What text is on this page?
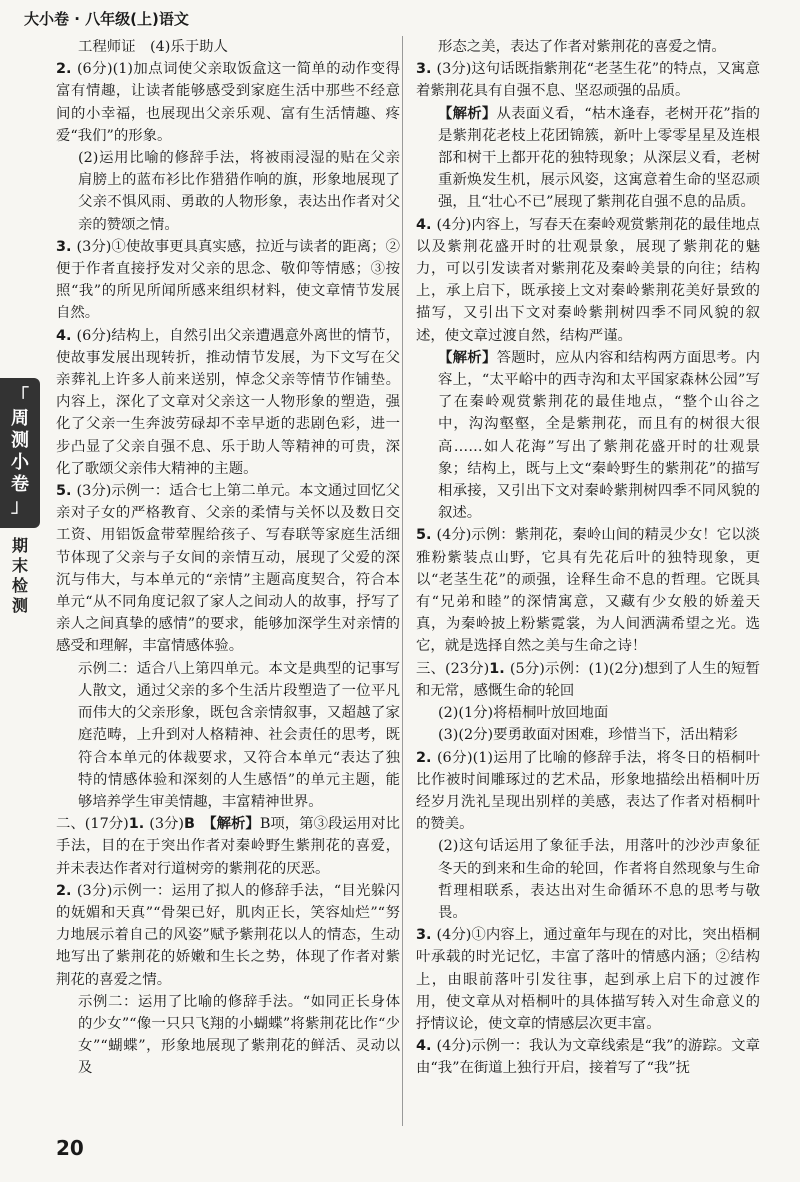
大小卷 · 八年级(上)语文
「
周
测
小
卷
」
期
末
检
测

工程师证　(4)乐于助人

2. (6分)(1)加点词使父亲取饭盒这一简单的动作变得富有情趣，让读者能够感受到家庭生活中那些不经意间的小幸福，也展现出父亲乐观、富有生活情趣、疼爱“我们”的形象。

(2)运用比喻的修辞手法，将被雨浸湿的贴在父亲肩膀上的蓝布衫比作猎猎作响的旗，形象地展现了父亲不惧风雨、勇敢的人物形象，表达出作者对父亲的赞颂之情。

3. (3分)①使故事更具真实感，拉近与读者的距离；②便于作者直接抒发对父亲的思念、敬仰等情感；③按照“我”的所见所闻所感来组织材料，使文章情节发展自然。

4. (6分)结构上，自然引出父亲遭遇意外离世的情节，使故事发展出现转折，推动情节发展，为下文写在父亲葬礼上许多人前来送别，悼念父亲等情节作铺垫。内容上，深化了文章对父亲这一人物形象的塑造，强化了父亲一生奔波劳碌却不幸早逝的悲剧色彩，进一步凸显了父亲自强不息、乐于助人等精神的可贵，深化了歌颂父亲伟大精神的主题。

5. (3分)示例一：适合七上第二单元。本文通过回忆父亲对子女的严格教育、父亲的柔情与关怀以及数日交工资、用铝饭盒带荤腥给孩子、写春联等家庭生活细节体现了父亲与子女间的亲情互动，展现了父爱的深沉与伟大，与本单元的“亲情”主题高度契合，符合本单元“从不同角度记叙了家人之间动人的故事，抒写了亲人之间真挚的感情”的要求，能够加深学生对亲情的感受和理解，丰富情感体验。

示例二：适合八上第四单元。本文是典型的记事写人散文，通过父亲的多个生活片段塑造了一位平凡而伟大的父亲形象，既包含亲情叙事，又超越了家庭范畴，上升到对人格精神、社会责任的思考，既符合本单元的体裁要求，又符合本单元“表达了独特的情感体验和深刻的人生感悟”的单元主题，能够培养学生审美情趣，丰富精神世界。

二、(17分)1. (3分)B　【解析】B项，第③段运用对比手法，目的在于突出作者对秦岭野生紫荆花的喜爱，并未表达作者对行道树旁的紫荆花的厌恶。

2. (3分)示例一：运用了拟人的修辞手法，“目光躲闪的妩媚和天真”“骨架已好，肌肉正长，笑容灿烂”“努力地展示着自己的风姿”赋予紫荆花以人的情态，生动地写出了紫荆花的娇嫩和生长之势，体现了作者对紫荆花的喜爱之情。

示例二：运用了比喻的修辞手法。“如同正长身体的少女”“像一只只飞翔的小蝴蝶”将紫荆花比作“少女”“蝴蝶”，形象地展现了紫荆花的鲜活、灵动以及

形态之美，表达了作者对紫荆花的喜爱之情。

3. (3分)这句话既指紫荆花“老茎生花”的特点，又寓意着紫荆花具有自强不息、坚忍顽强的品质。

【解析】从表面义看，“枯木逢春，老树开花”指的是紫荆花老枝上花团锦簇，新叶上零零星星及连根部和树干上都开花的独特现象；从深层义看，老树重新焕发生机，展示风姿，这寓意着生命的坚忍顽强，且“壮心不已”展现了紫荆花自强不息的品质。

4. (4分)内容上，写春天在秦岭观赏紫荆花的最佳地点以及紫荆花盛开时的壮观景象，展现了紫荆花的魅力，可以引发读者对紫荆花及秦岭美景的向往；结构上，承上启下，既承接上文对秦岭紫荆花美好景致的描写，又引出下文对秦岭紫荆树四季不同风貌的叙述，使文章过渡自然，结构严谨。

【解析】答题时，应从内容和结构两方面思考。内容上，“太平峪中的西寺沟和太平国家森林公园”写了在秦岭观赏紫荆花的最佳地点，“整个山谷之中，沟沟壑壑，全是紫荆花，而且有的树很大很高……如人花海”写出了紫荆花盛开时的壮观景象；结构上，既与上文“秦岭野生的紫荆花”的描写相承接，又引出下文对秦岭紫荆树四季不同风貌的叙述。

5. (4分)示例：紫荆花，秦岭山间的精灵少女！它以淡雅粉紫装点山野，它具有先花后叶的独特现象，更以“老茎生花”的顽强，诠释生命不息的哲理。它既具有“兄弟和睦”的深情寓意，又藏有少女般的娇羞天真，为秦岭披上粉紫霓裳，为人间洒满希望之光。选它，就是选择自然之美与生命之诗！

三、(23分)1. (5分)示例：(1)(2分)想到了人生的短暂和无常，感慨生命的轮回

(2)(1分)将梧桐叶放回地面

(3)(2分)要勇敢面对困难，珍惜当下，活出精彩

2. (6分)(1)运用了比喻的修辞手法，将冬日的梧桐叶比作被时间雕琢过的艺术品，形象地描绘出梧桐叶历经岁月洗礼呈现出别样的美感，表达了作者对梧桐叶的赞美。

(2)这句话运用了象征手法，用落叶的沙沙声象征冬天的到来和生命的轮回，作者将自然现象与生命哲理相联系，表达出对生命循环不息的思考与敬畏。

3. (4分)①内容上，通过童年与现在的对比，突出梧桐叶承载的时光记忆，丰富了落叶的情感内涵；②结构上，由眼前落叶引发往事，起到承上启下的过渡作用，使文章从对梧桐叶的具体描写转入对生命意义的抒情议论，使文章的情感层次更丰富。

4. (4分)示例一：我认为文章线索是“我”的游踪。文章由“我”在街道上独行开启，接着写了“我”抚

20
